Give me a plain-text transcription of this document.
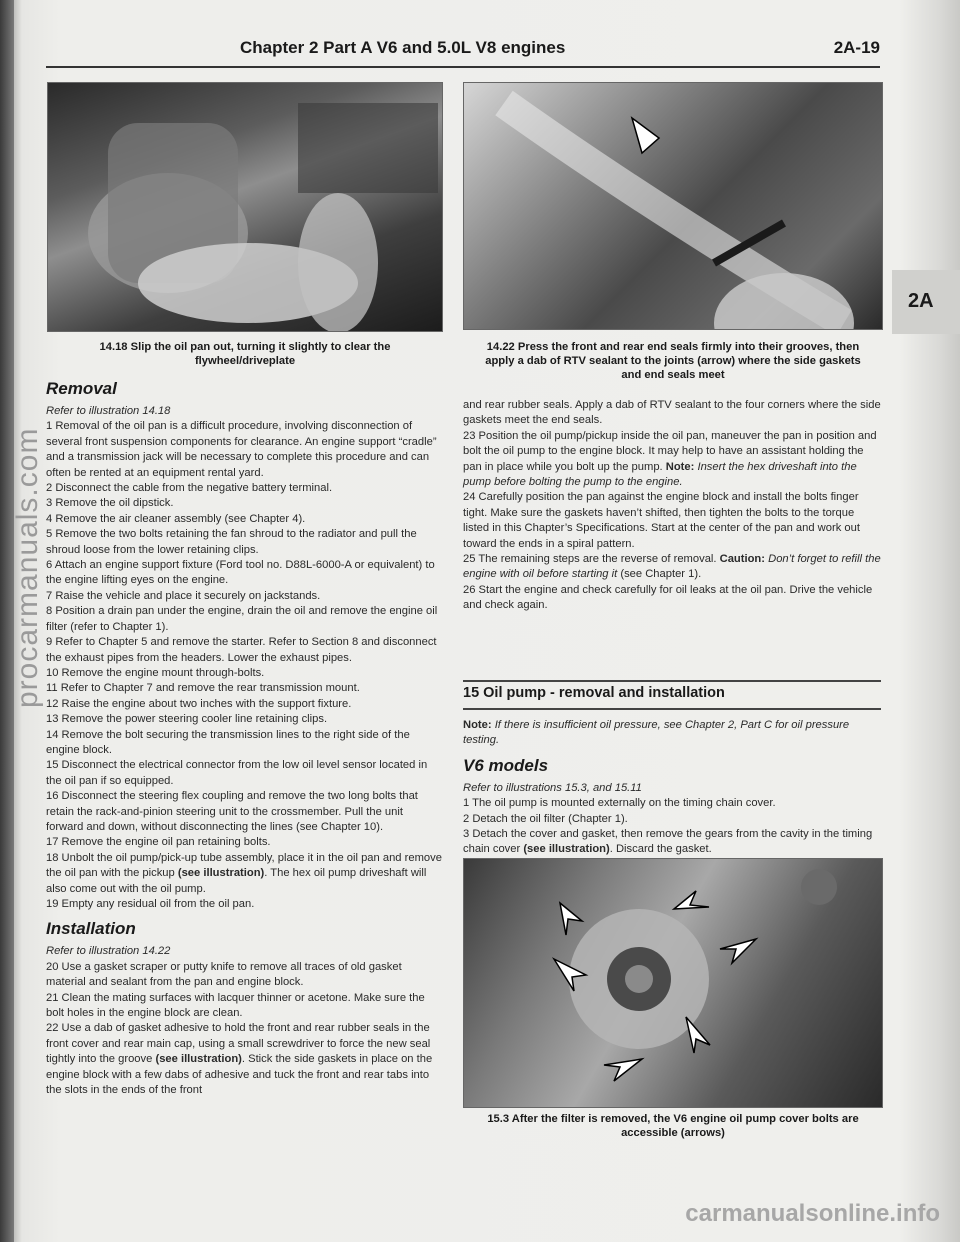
Chapter 2 Part A V6 and 5.0L V8 engines	2A-19
14.18 Slip the oil pan out, turning it slightly to clear the flywheel/driveplate
14.22 Press the front and rear end seals firmly into their grooves, then apply a dab of RTV sealant to the joints (arrow) where the side gaskets and end seals meet

Removal

Refer to illustration 14.18

1 Removal of the oil pan is a difficult procedure, involving disconnection of several front suspension components for clearance. An engine support “cradle” and a transmission jack will be necessary to complete this procedure and can often be rented at an equipment rental yard.

2 Disconnect the cable from the negative battery terminal.

3 Remove the oil dipstick.

4 Remove the air cleaner assembly (see Chapter 4).

5 Remove the two bolts retaining the fan shroud to the radiator and pull the shroud loose from the lower retaining clips.

6 Attach an engine support fixture (Ford tool no. D88L-6000-A or equivalent) to the engine lifting eyes on the engine.

7 Raise the vehicle and place it securely on jackstands.

8 Position a drain pan under the engine, drain the oil and remove the engine oil filter (refer to Chapter 1).

9 Refer to Chapter 5 and remove the starter. Refer to Section 8 and disconnect the exhaust pipes from the headers. Lower the exhaust pipes.

10 Remove the engine mount through-bolts.

11 Refer to Chapter 7 and remove the rear transmission mount.

12 Raise the engine about two inches with the support fixture.

13 Remove the power steering cooler line retaining clips.

14 Remove the bolt securing the transmission lines to the right side of the engine block.

15 Disconnect the electrical connector from the low oil level sensor located in the oil pan if so equipped.

16 Disconnect the steering flex coupling and remove the two long bolts that retain the rack-and-pinion steering unit to the crossmember. Pull the unit forward and down, without disconnecting the lines (see Chapter 10).

17 Remove the engine oil pan retaining bolts.

18 Unbolt the oil pump/pick-up tube assembly, place it in the oil pan and remove the oil pan with the pickup (see illustration). The hex oil pump driveshaft will also come out with the oil pump.

19 Empty any residual oil from the oil pan.

Installation

Refer to illustration 14.22

20 Use a gasket scraper or putty knife to remove all traces of old gasket material and sealant from the pan and engine block.

21 Clean the mating surfaces with lacquer thinner or acetone. Make sure the bolt holes in the engine block are clean.

22 Use a dab of gasket adhesive to hold the front and rear rubber seals in the front cover and rear main cap, using a small screwdriver to force the new seal tightly into the groove (see illustration). Stick the side gaskets in place on the engine block with a few dabs of adhesive and tuck the front and rear tabs into the slots in the ends of the front

and rear rubber seals. Apply a dab of RTV sealant to the four corners where the side gaskets meet the end seals.

23 Position the oil pump/pickup inside the oil pan, maneuver the pan in position and bolt the oil pump to the engine block. It may help to have an assistant holding the pan in place while you bolt up the pump. Note: Insert the hex driveshaft into the pump before bolting the pump to the engine.

24 Carefully position the pan against the engine block and install the bolts finger tight. Make sure the gaskets haven’t shifted, then tighten the bolts to the torque listed in this Chapter’s Specifications. Start at the center of the pan and work out toward the ends in a spiral pattern.

25 The remaining steps are the reverse of removal. Caution: Don’t forget to refill the engine with oil before starting it (see Chapter 1).

26 Start the engine and check carefully for oil leaks at the oil pan. Drive the vehicle and check again.

15 Oil pump - removal and installation

Note: If there is insufficient oil pressure, see Chapter 2, Part C for oil pressure testing.

V6 models

Refer to illustrations 15.3, and 15.11

1 The oil pump is mounted externally on the timing chain cover.

2 Detach the oil filter (Chapter 1).

3 Detach the cover and gasket, then remove the gears from the cavity in the timing chain cover (see illustration). Discard the gasket.

15.3 After the filter is removed, the V6 engine oil pump cover bolts are accessible (arrows)
2A
procarmanuals.com
carmanualsonline.info
